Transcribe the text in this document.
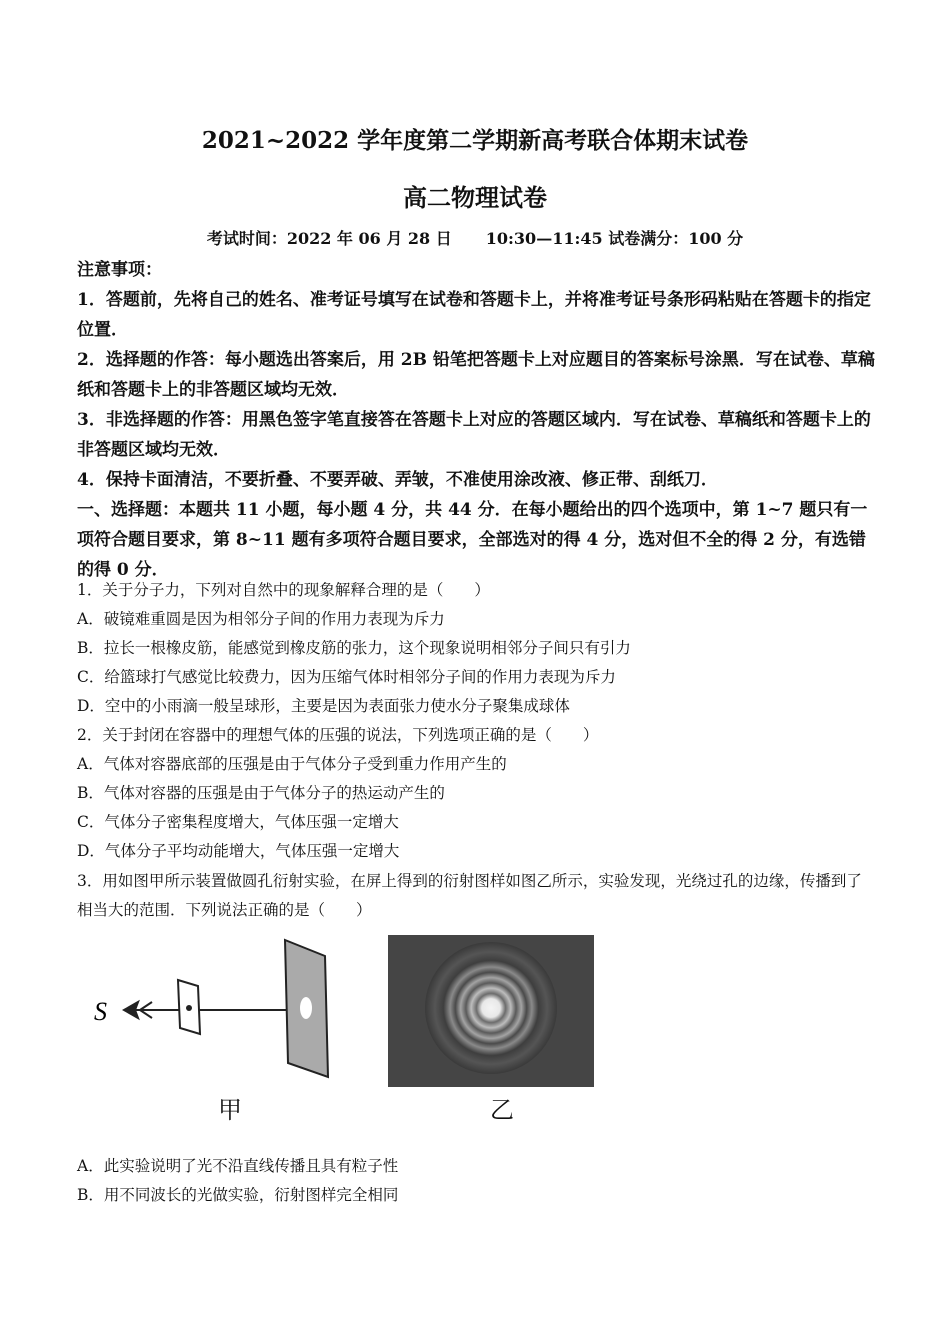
2021~2022 学年度第二学期新高考联合体期末试卷
高二物理试卷
考试时间：2022 年 06 月 28 日 10:30—11:45 试卷满分：100 分

注意事项：

1．答题前，先将自己的姓名、准考证号填写在试卷和答题卡上，并将准考证号条形码粘贴在答题卡的指定位置．

2．选择题的作答：每小题选出答案后，用 2B 铅笔把答题卡上对应题目的答案标号涂黑．写在试卷、草稿纸和答题卡上的非答题区域均无效．

3．非选择题的作答：用黑色签字笔直接答在答题卡上对应的答题区域内．写在试卷、草稿纸和答题卡上的非答题区域均无效．

4．保持卡面清洁，不要折叠、不要弄破、弄皱，不准使用涂改液、修正带、刮纸刀．

一、选择题：本题共 11 小题，每小题 4 分，共 44 分．在每小题给出的四个选项中，第 1~7 题只有一项符合题目要求，第 8~11 题有多项符合题目要求，全部选对的得 4 分，选对但不全的得 2 分，有选错的得 0 分．

1．关于分子力，下列对自然中的现象解释合理的是（　　）

A．破镜难重圆是因为相邻分子间的作用力表现为斥力

B．拉长一根橡皮筋，能感觉到橡皮筋的张力，这个现象说明相邻分子间只有引力

C．给篮球打气感觉比较费力，因为压缩气体时相邻分子间的作用力表现为斥力

D．空中的小雨滴一般呈球形，主要是因为表面张力使水分子聚集成球体

2．关于封闭在容器中的理想气体的压强的说法，下列选项正确的是（　　）

A．气体对容器底部的压强是由于气体分子受到重力作用产生的

B．气体对容器的压强是由于气体分子的热运动产生的

C．气体分子密集程度增大，气体压强一定增大

D．气体分子平均动能增大，气体压强一定增大

3．用如图甲所示装置做圆孔衍射实验，在屏上得到的衍射图样如图乙所示，实验发现，光绕过孔的边缘，传播到了相当大的范围．下列说法正确的是（　　）

S
甲	乙

A．此实验说明了光不沿直线传播且具有粒子性

B．用不同波长的光做实验，衍射图样完全相同
